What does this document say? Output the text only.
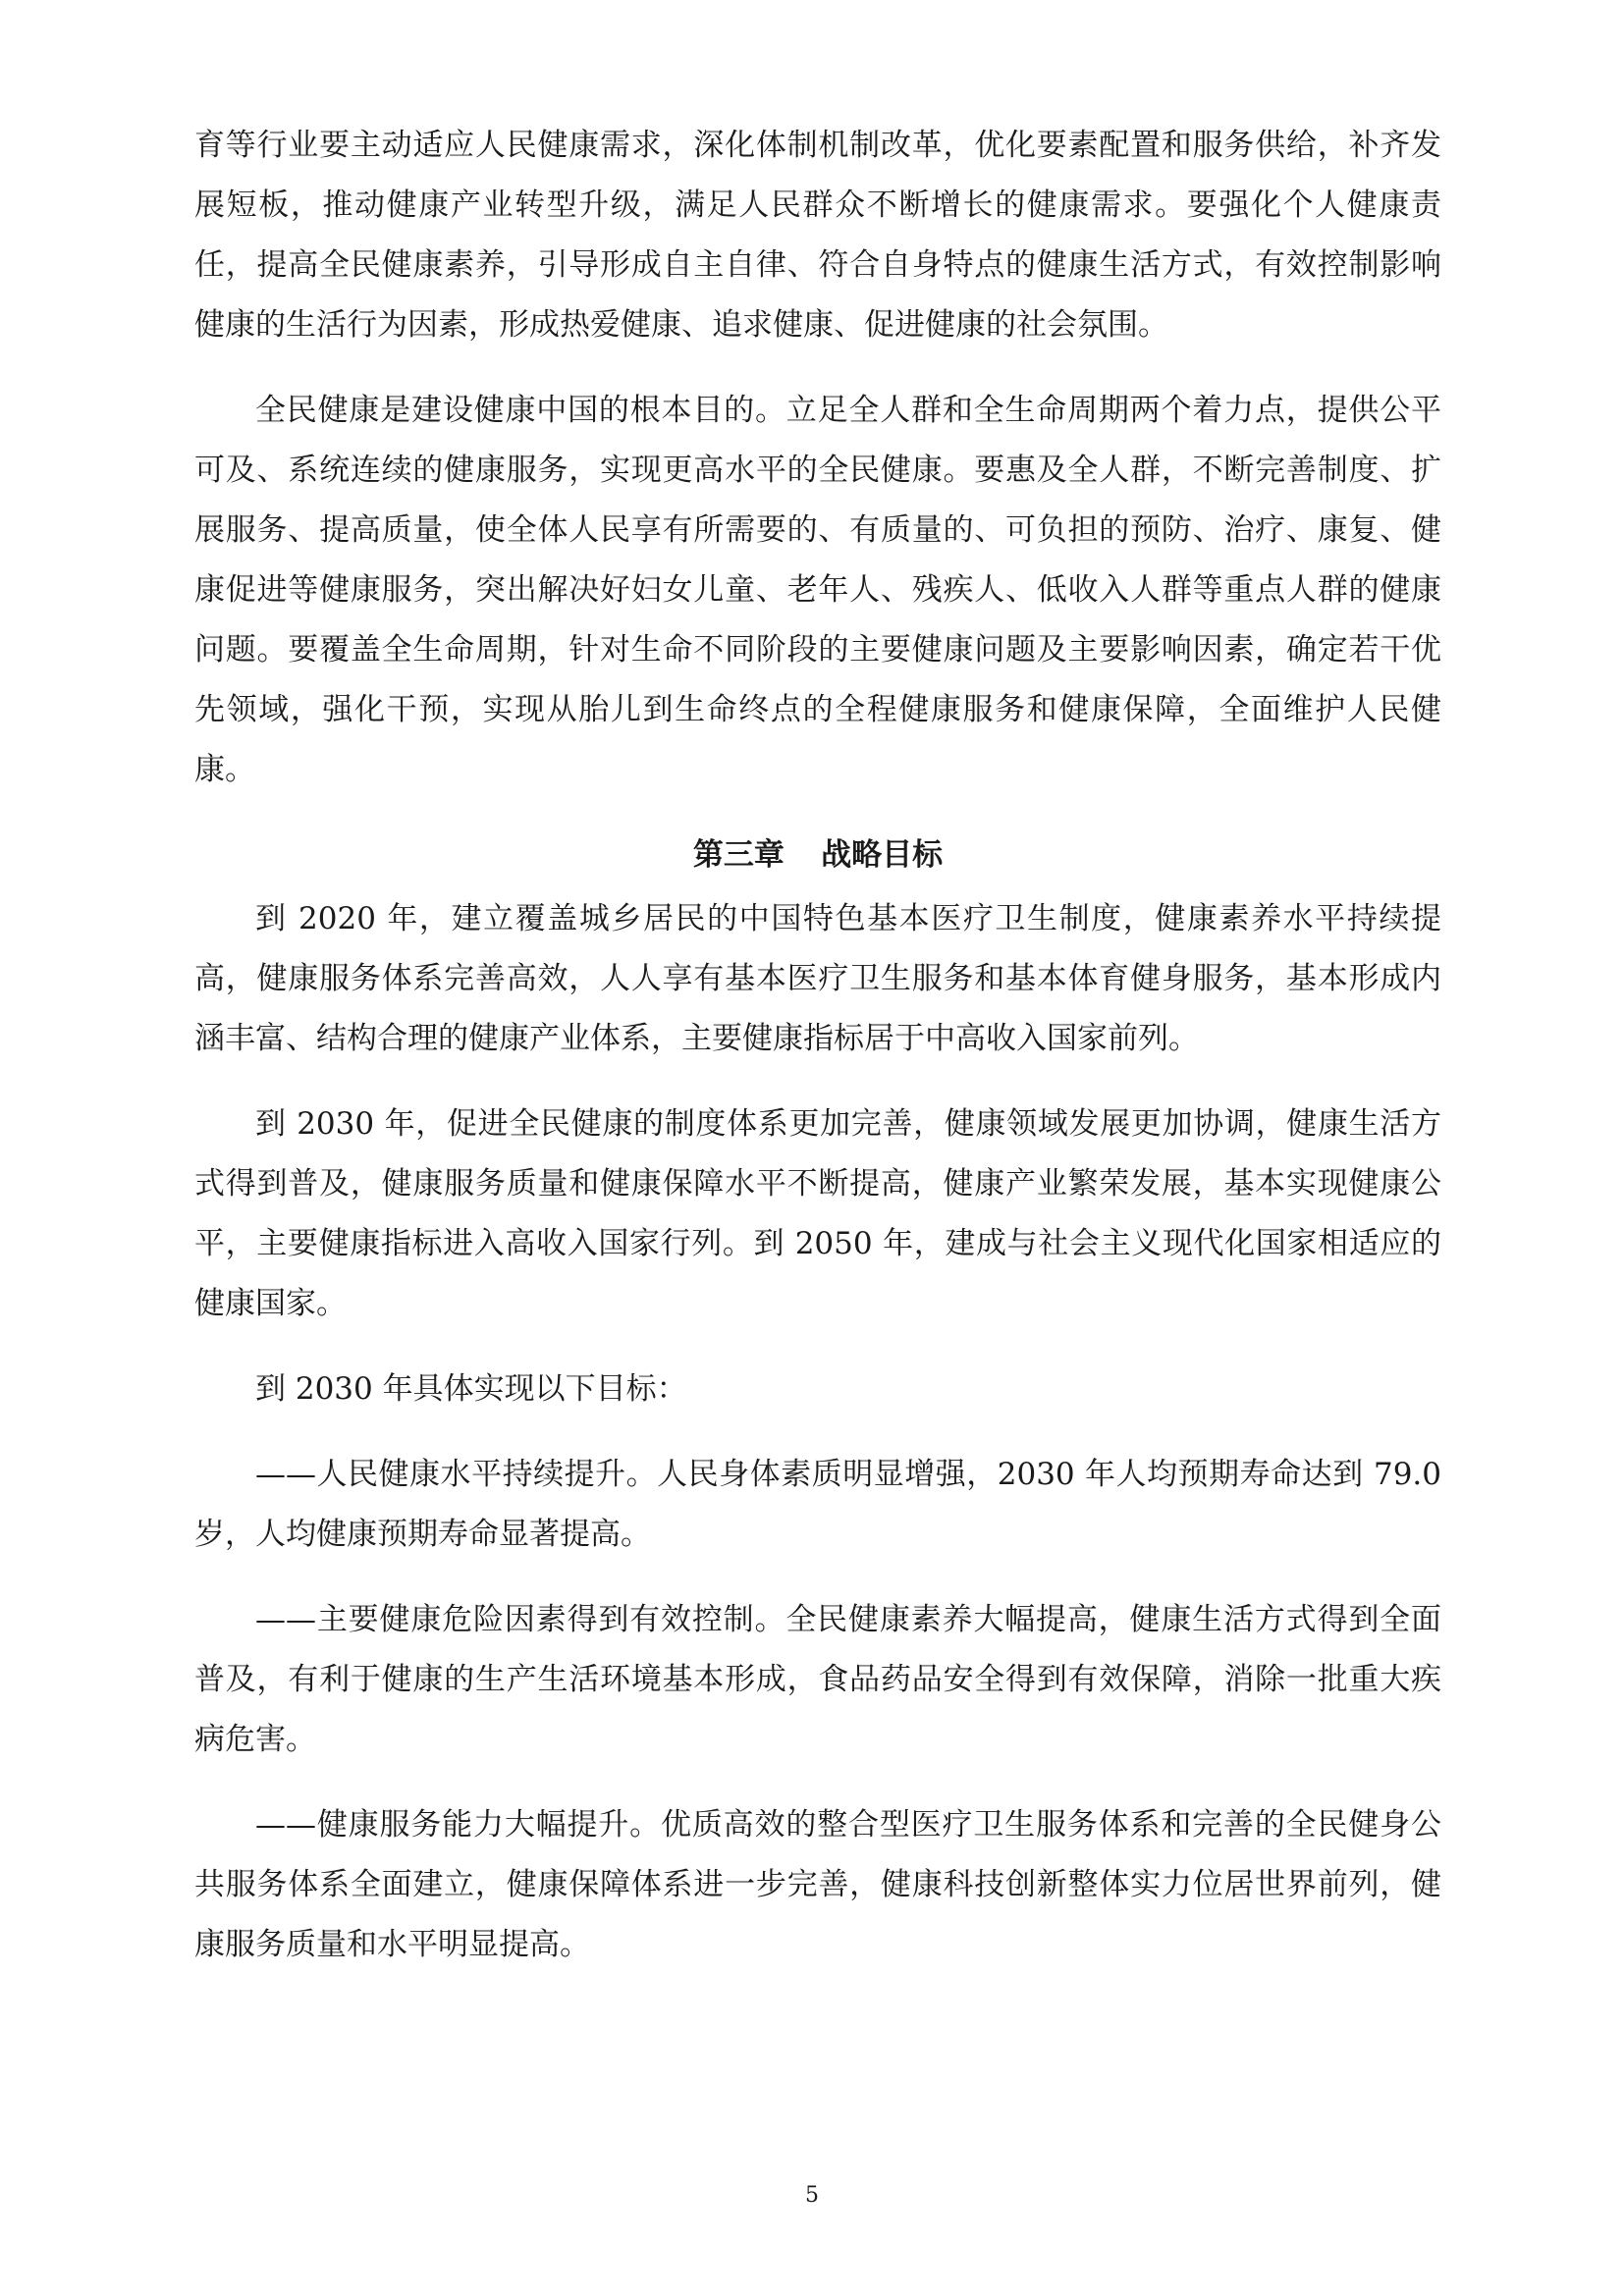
育等行业要主动适应人民健康需求，深化体制机制改革，优化要素配置和服务供给，补齐发展短板，推动健康产业转型升级，满足人民群众不断增长的健康需求。要强化个人健康责任，提高全民健康素养，引导形成自主自律、符合自身特点的健康生活方式，有效控制影响健康的生活行为因素，形成热爱健康、追求健康、促进健康的社会氛围。

全民健康是建设健康中国的根本目的。立足全人群和全生命周期两个着力点，提供公平可及、系统连续的健康服务，实现更高水平的全民健康。要惠及全人群，不断完善制度、扩展服务、提高质量，使全体人民享有所需要的、有质量的、可负担的预防、治疗、康复、健康促进等健康服务，突出解决好妇女儿童、老年人、残疾人、低收入人群等重点人群的健康问题。要覆盖全生命周期，针对生命不同阶段的主要健康问题及主要影响因素，确定若干优先领域，强化干预，实现从胎儿到生命终点的全程健康服务和健康保障，全面维护人民健康。

第三章 战略目标

到 2020 年，建立覆盖城乡居民的中国特色基本医疗卫生制度，健康素养水平持续提高，健康服务体系完善高效，人人享有基本医疗卫生服务和基本体育健身服务，基本形成内涵丰富、结构合理的健康产业体系，主要健康指标居于中高收入国家前列。

到 2030 年，促进全民健康的制度体系更加完善，健康领域发展更加协调，健康生活方式得到普及，健康服务质量和健康保障水平不断提高，健康产业繁荣发展，基本实现健康公平，主要健康指标进入高收入国家行列。到 2050 年，建成与社会主义现代化国家相适应的健康国家。

到 2030 年具体实现以下目标：

——人民健康水平持续提升。人民身体素质明显增强，2030 年人均预期寿命达到 79.0 岁，人均健康预期寿命显著提高。

——主要健康危险因素得到有效控制。全民健康素养大幅提高，健康生活方式得到全面普及，有利于健康的生产生活环境基本形成，食品药品安全得到有效保障，消除一批重大疾病危害。

——健康服务能力大幅提升。优质高效的整合型医疗卫生服务体系和完善的全民健身公共服务体系全面建立，健康保障体系进一步完善，健康科技创新整体实力位居世界前列，健康服务质量和水平明显提高。

5
